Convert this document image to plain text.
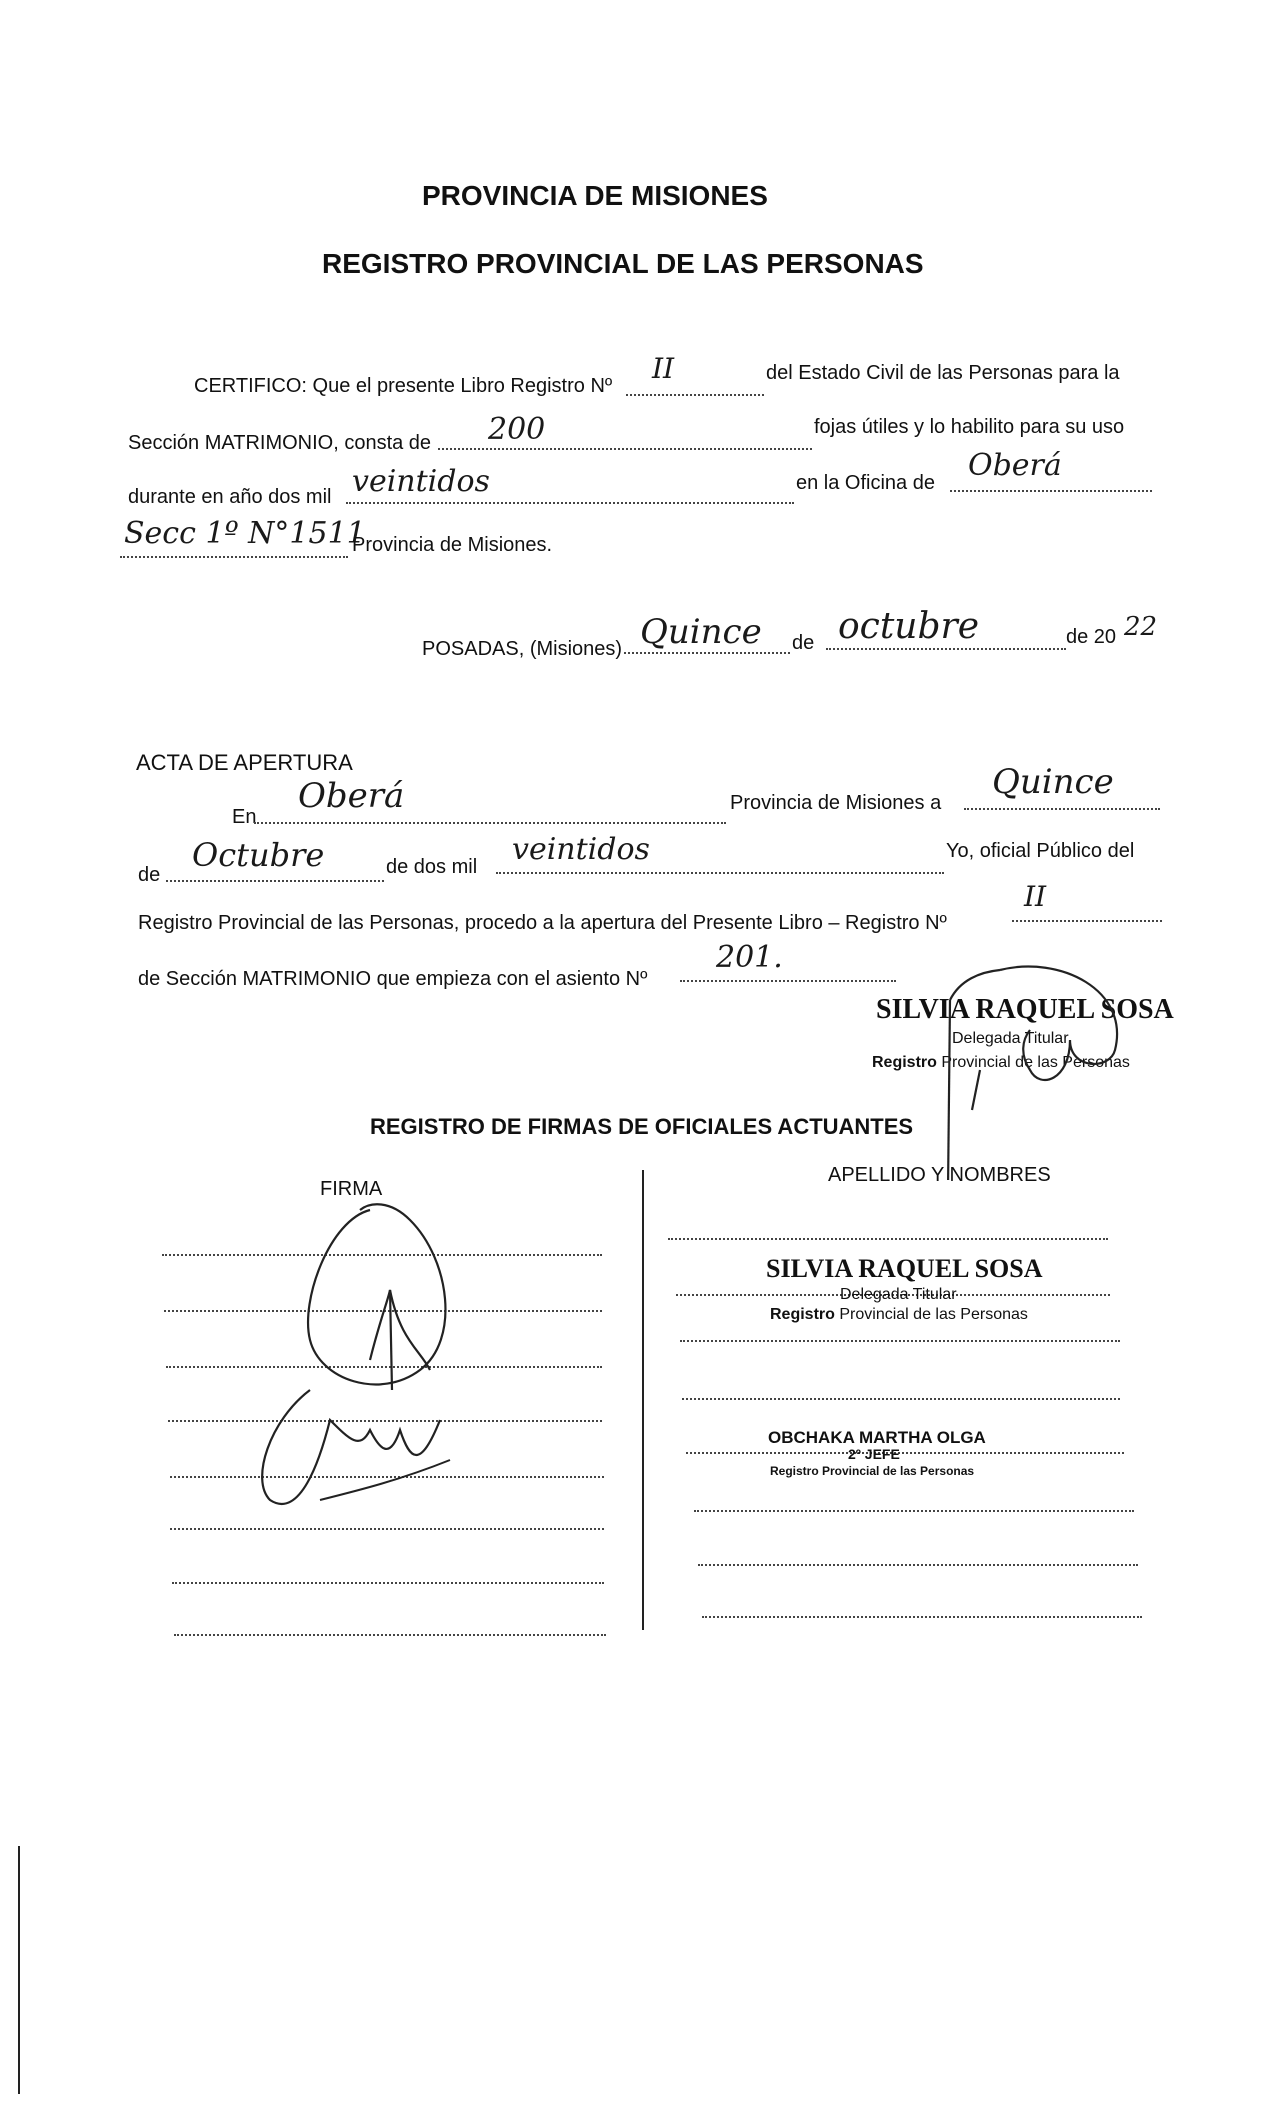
PROVINCIA DE MISIONES
REGISTRO PROVINCIAL DE LAS PERSONAS
CERTIFICO: Que el presente Libro Registro Nº
II	del Estado Civil de las Personas para la
Sección MATRIMONIO, consta de 200	fojas útiles y lo habilito para su uso
durante en año dos mil veintidos	en la Oficina de Oberá
Secc 1º N°1511
Provincia de Misiones.
POSADAS, (Misiones) Quince de octubre	de 20 22
ACTA DE APERTURA
En
Oberá	Provincia de Misiones a
Quince
de
Octubre	de dos mil veintidos	Yo, oficial Público del
Registro Provincial de las Personas, procedo a la apertura del Presente Libro – Registro Nº
II
de Sección MATRIMONIO que empieza con el asiento Nº
201.
SILVIA RAQUEL SOSA
Delegada Titular
Registro Provincial de las Personas
REGISTRO DE FIRMAS DE OFICIALES ACTUANTES
FIRMA
APELLIDO Y NOMBRES
SILVIA RAQUEL SOSA
Delegada Titular
Registro Provincial de las Personas
OBCHAKA MARTHA OLGA
2º JEFE
Registro Provincial de las Personas
